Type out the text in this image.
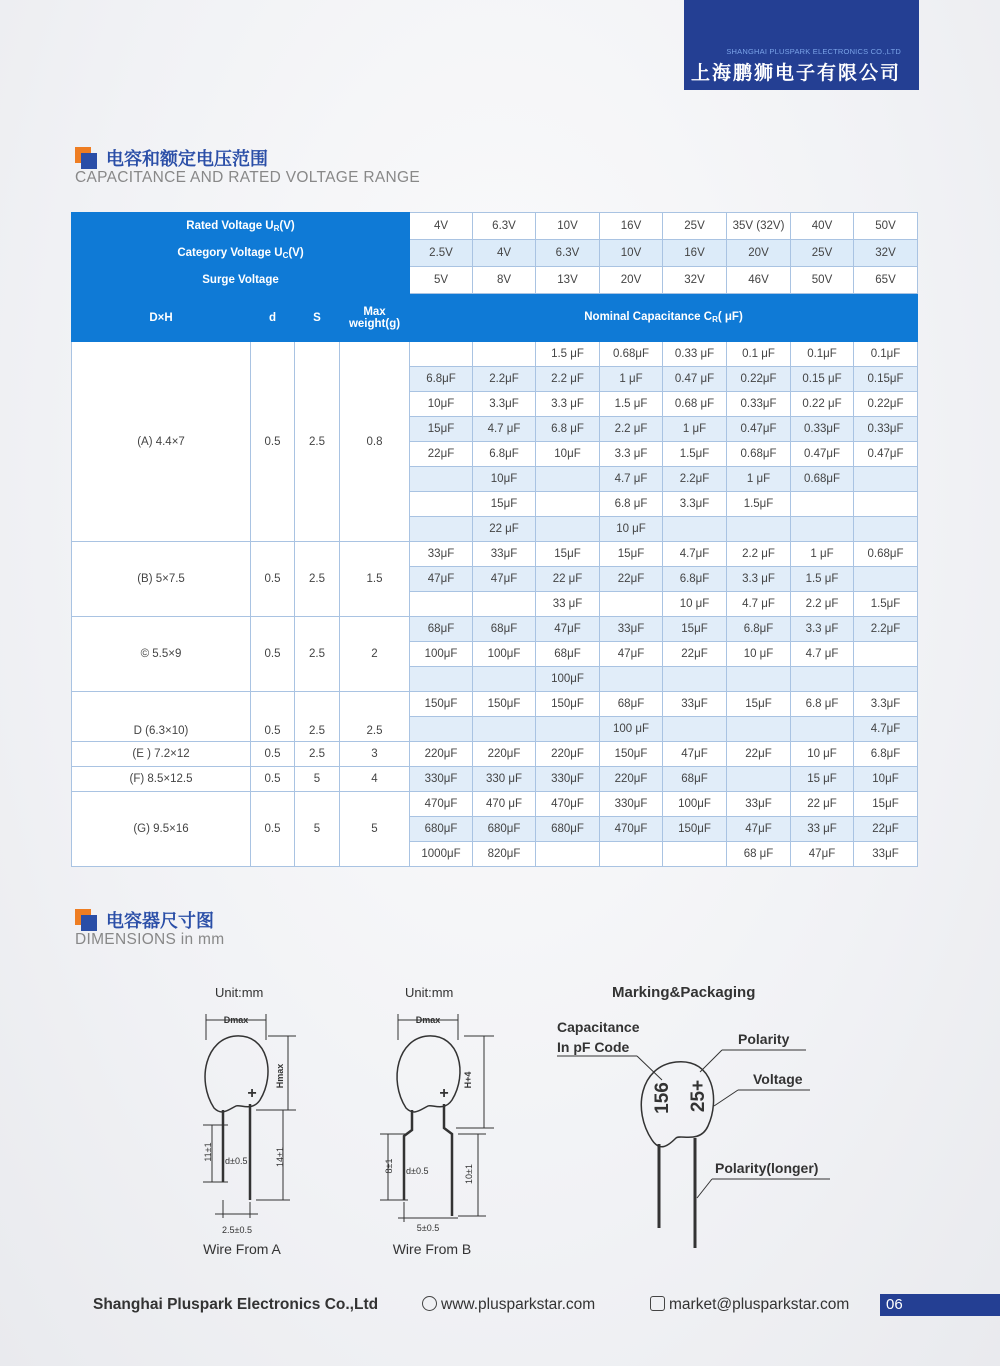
SHANGHAI PLUSPARK ELECTRONICS CO.,LTD
上海鹏狮电子有限公司
电容和额定电压范围
CAPACITANCE AND RATED VOLTAGE RANGE
Rated Voltage $U_R(V)$				4V	6.3V	10V	16V	25V	35V (32V)	40V	50V
Category Voltage $U_C(V)$				2.5V	4V	6.3V	10V	16V	20V	25V	32V
Surge Voltage				5V	8V	13V	20V	32V	46V	50V	65V
D×H	d	S	Max weight(g)	Nominal Capacitance $C_R$( μF)							
(A) 4.4×7	0.5	2.5	0.8			1.5 μF	0.68μF	0.33 μF	0.1 μF	0.1μF	0.1μF
				6.8μF	2.2μF	2.2 μF	1 μF	0.47 μF	0.22μF	0.15 μF	0.15μF
				10μF	3.3μF	3.3 μF	1.5 μF	0.68 μF	0.33μF	0.22 μF	0.22μF
				15μF	4.7 μF	6.8 μF	2.2 μF	1 μF	0.47μF	0.33μF	0.33μF
				22μF	6.8μF	10μF	3.3 μF	1.5μF	0.68μF	0.47μF	0.47μF
					10μF		4.7 μF	2.2μF	1 μF	0.68μF	
					15μF		6.8 μF	3.3μF	1.5μF		
					22 μF		10 μF				
(B) 5×7.5	0.5	2.5	1.5	33μF	33μF	15μF	15μF	4.7μF	2.2 μF	1 μF	0.68μF
				47μF	47μF	22 μF	22μF	6.8μF	3.3 μF	1.5 μF	
						33 μF		10 μF	4.7 μF	2.2 μF	1.5μF
© 5.5×9	0.5	2.5	2	68μF	68μF	47μF	33μF	15μF	6.8μF	3.3 μF	2.2μF
				100μF	100μF	68μF	47μF	22μF	10 μF	4.7 μF	
						100μF					
D (6.3×10)	0.5	2.5	2.5	150μF	150μF	150μF	68μF	33μF	15μF	6.8 μF	3.3μF
							100 μF				4.7μF
(E ) 7.2×12	0.5	2.5	3	220μF	220μF	220μF	150μF	47μF	22μF	10 μF	6.8μF
(F) 8.5×12.5	0.5	5	4	330μF	330 μF	330μF	220μF	68μF		15 μF	10μF
(G) 9.5×16	0.5	5	5	470μF	470 μF	470μF	330μF	100μF	33μF	22 μF	15μF
				680μF	680μF	680μF	470μF	150μF	47μF	33 μF	22μF
				1000μF	820μF				68 μF	47μF	33μF
电容器尺寸图
DIMENSIONS in mm
Unit:mm
Dmax
+
Hmax
11±1 d±0.5	14±1
2.5±0.5
Wire From A
Unit:mm
Dmax
+
H+4
8±1 d±0.5	10±1
5±0.5
Wire From B
Marking&Packaging
Capacitance
In pF Code
156 25+
Polarity
Voltage
Polarity(longer)
Shanghai Pluspark Electronics Co.,Ltd	www.plusparkstar.com	market@plusparkstar.com	06
